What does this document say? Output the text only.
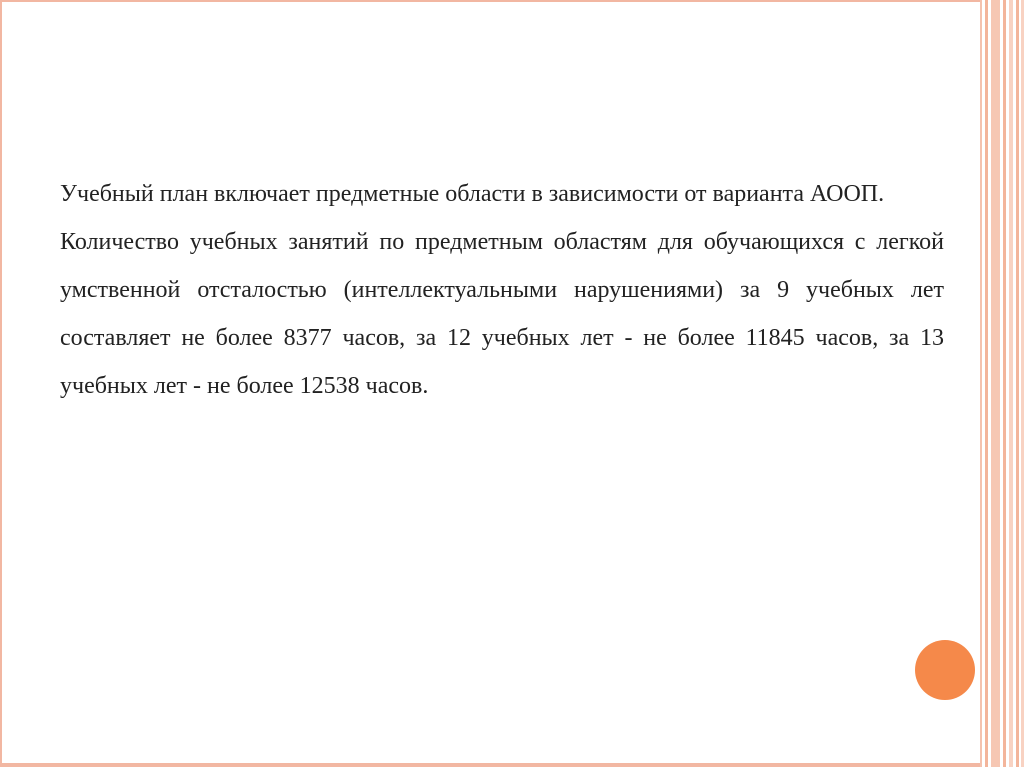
Учебный план включает предметные области в зависимости от варианта АООП.

Количество учебных занятий по предметным областям для обучающихся с легкой умственной отсталостью (интеллектуальными нарушениями) за 9 учебных лет составляет не более 8377 часов, за 12 учебных лет - не более 11845 часов, за 13 учебных лет - не более 12538 часов.
